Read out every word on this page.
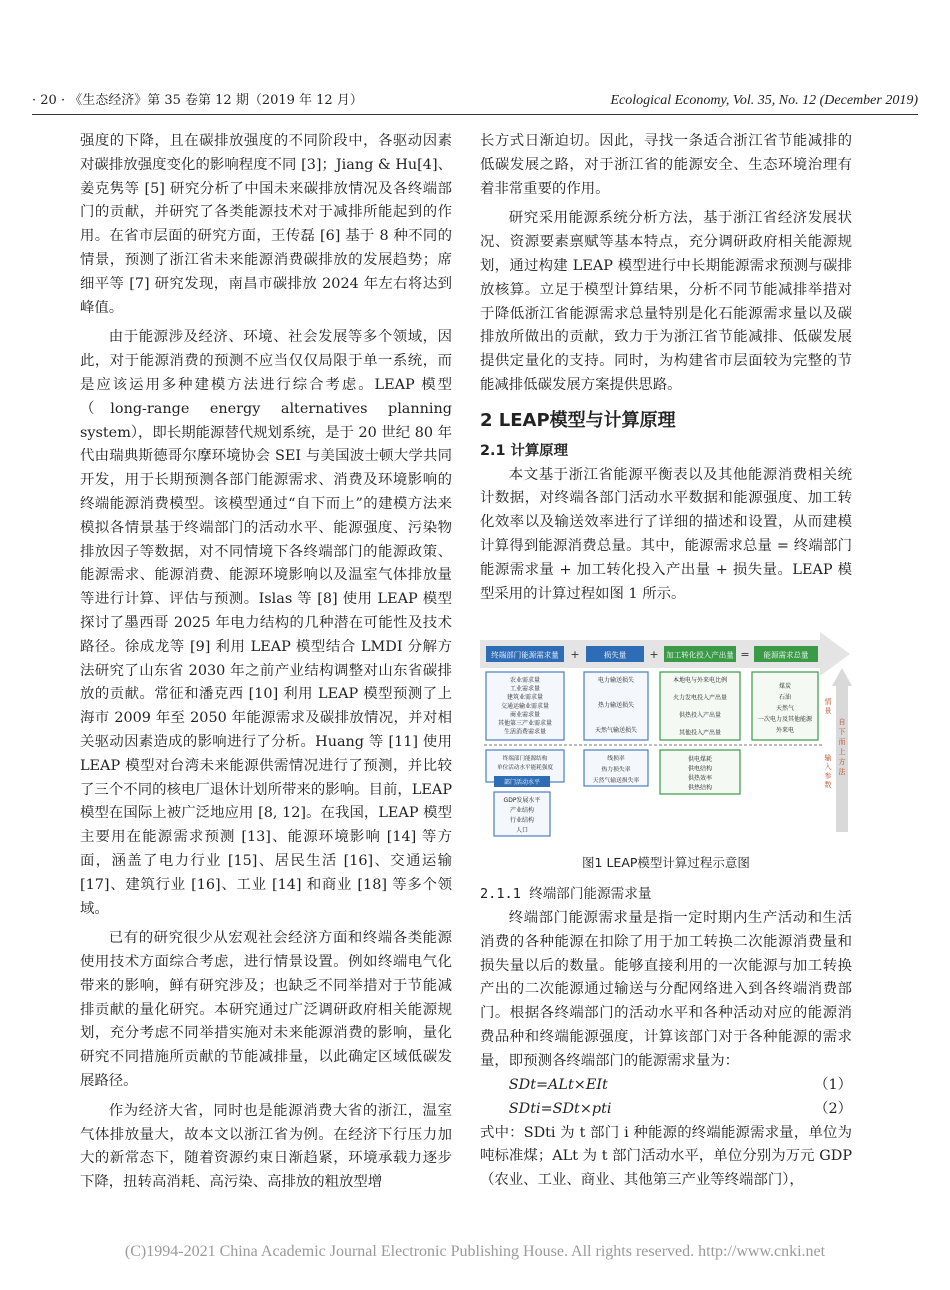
· 20 · 《生态经济》第 35 卷第 12 期（2019 年 12 月）	Ecological Economy, Vol. 35, No. 12 (December 2019)

强度的下降，且在碳排放强度的不同阶段中，各驱动因素对碳排放强度变化的影响程度不同 [3]；Jiang & Hu[4]、姜克隽等 [5] 研究分析了中国未来碳排放情况及各终端部门的贡献，并研究了各类能源技术对于减排所能起到的作用。在省市层面的研究方面，王传磊 [6] 基于 8 种不同的情景，预测了浙江省未来能源消费碳排放的发展趋势；席细平等 [7] 研究发现，南昌市碳排放 2024 年左右将达到峰值。

由于能源涉及经济、环境、社会发展等多个领域，因此，对于能源消费的预测不应当仅仅局限于单一系统，而是应该运用多种建模方法进行综合考虑。LEAP 模型（long-range energy alternatives planning system），即长期能源替代规划系统，是于 20 世纪 80 年代由瑞典斯德哥尔摩环境协会 SEI 与美国波士顿大学共同开发，用于长期预测各部门能源需求、消费及环境影响的终端能源消费模型。该模型通过“自下而上”的建模方法来模拟各情景基于终端部门的活动水平、能源强度、污染物排放因子等数据，对不同情境下各终端部门的能源政策、能源需求、能源消费、能源环境影响以及温室气体排放量等进行计算、评估与预测。Islas 等 [8] 使用 LEAP 模型探讨了墨西哥 2025 年电力结构的几种潜在可能性及技术路径。徐成龙等 [9] 利用 LEAP 模型结合 LMDI 分解方法研究了山东省 2030 年之前产业结构调整对山东省碳排放的贡献。常征和潘克西 [10] 利用 LEAP 模型预测了上海市 2009 年至 2050 年能源需求及碳排放情况，并对相关驱动因素造成的影响进行了分析。Huang 等 [11] 使用 LEAP 模型对台湾未来能源供需情况进行了预测，并比较了三个不同的核电厂退休计划所带来的影响。目前，LEAP 模型在国际上被广泛地应用 [8, 12]。在我国，LEAP 模型主要用在能源需求预测 [13]、能源环境影响 [14] 等方面，涵盖了电力行业 [15]、居民生活 [16]、交通运输 [17]、建筑行业 [16]、工业 [14] 和商业 [18] 等多个领域。

已有的研究很少从宏观社会经济方面和终端各类能源使用技术方面综合考虑，进行情景设置。例如终端电气化带来的影响，鲜有研究涉及；也缺乏不同举措对于节能减排贡献的量化研究。本研究通过广泛调研政府相关能源规划，充分考虑不同举措实施对未来能源消费的影响，量化研究不同措施所贡献的节能减排量，以此确定区域低碳发展路径。

作为经济大省，同时也是能源消费大省的浙江，温室气体排放量大，故本文以浙江省为例。在经济下行压力加大的新常态下，随着资源约束日渐趋紧，环境承载力逐步下降，扭转高消耗、高污染、高排放的粗放型增

长方式日渐迫切。因此，寻找一条适合浙江省节能减排的低碳发展之路，对于浙江省的能源安全、生态环境治理有着非常重要的作用。

研究采用能源系统分析方法，基于浙江省经济发展状况、资源要素禀赋等基本特点，充分调研政府相关能源规划，通过构建 LEAP 模型进行中长期能源需求预测与碳排放核算。立足于模型计算结果，分析不同节能减排举措对于降低浙江省能源需求总量特别是化石能源需求量以及碳排放所做出的贡献，致力于为浙江省节能减排、低碳发展提供定量化的支持。同时，为构建省市层面较为完整的节能减排低碳发展方案提供思路。

2 LEAP模型与计算原理
2.1 计算原理

本文基于浙江省能源平衡表以及其他能源消费相关统计数据，对终端各部门活动水平数据和能源强度、加工转化效率以及输送效率进行了详细的描述和设置，从而建模计算得到能源消费总量。其中，能源需求总量 = 终端部门能源需求量 + 加工转化投入产出量 + 损失量。LEAP 模型采用的计算过程如图 1 所示。

终端部门能源需求量 +	损失量 + 加工转化投入产出量 = 能源需求总量
农业需求量
工业需求量
建筑业需求量
交通运输业需求量
商业需求量
其他第三产业需求量
生活消费需求量
电力输送损失
热力输送损失
天然气输送损失
本地电与外来电比例
火力发电投入产出量
供热投入产出量
其他投入产出量
煤炭
石油
天然气
一次电力及其他能源
外来电
终端部门能源结构
单位活动水平能耗强度
部门活动水平
线损率
热力损失率
天然气输送损失率
供电煤耗
供电结构
供热效率
供热结构
GDP发展水平
产业结构
行业结构
人口
情景
输入参数
自下而上方法
图1 LEAP模型计算过程示意图
2.1.1 终端部门能源需求量

终端部门能源需求量是指一定时期内生产活动和生活消费的各种能源在扣除了用于加工转换二次能源消费量和损失量以后的数量。能够直接利用的一次能源与加工转换产出的二次能源通过输送与分配网络进入到各终端消费部门。根据各终端部门的活动水平和各种活动对应的能源消费品种和终端能源强度，计算该部门对于各种能源的需求量，即预测各终端部门的能源需求量为：

SDt=ALt×EIt	（1）
SDti=SDt×pti	（2）

式中：SDti 为 t 部门 i 种能源的终端能源需求量，单位为吨标准煤；ALt 为 t 部门活动水平，单位分别为万元 GDP（农业、工业、商业、其他第三产业等终端部门），

(C)1994-2021 China Academic Journal Electronic Publishing House. All rights reserved. http://www.cnki.net
